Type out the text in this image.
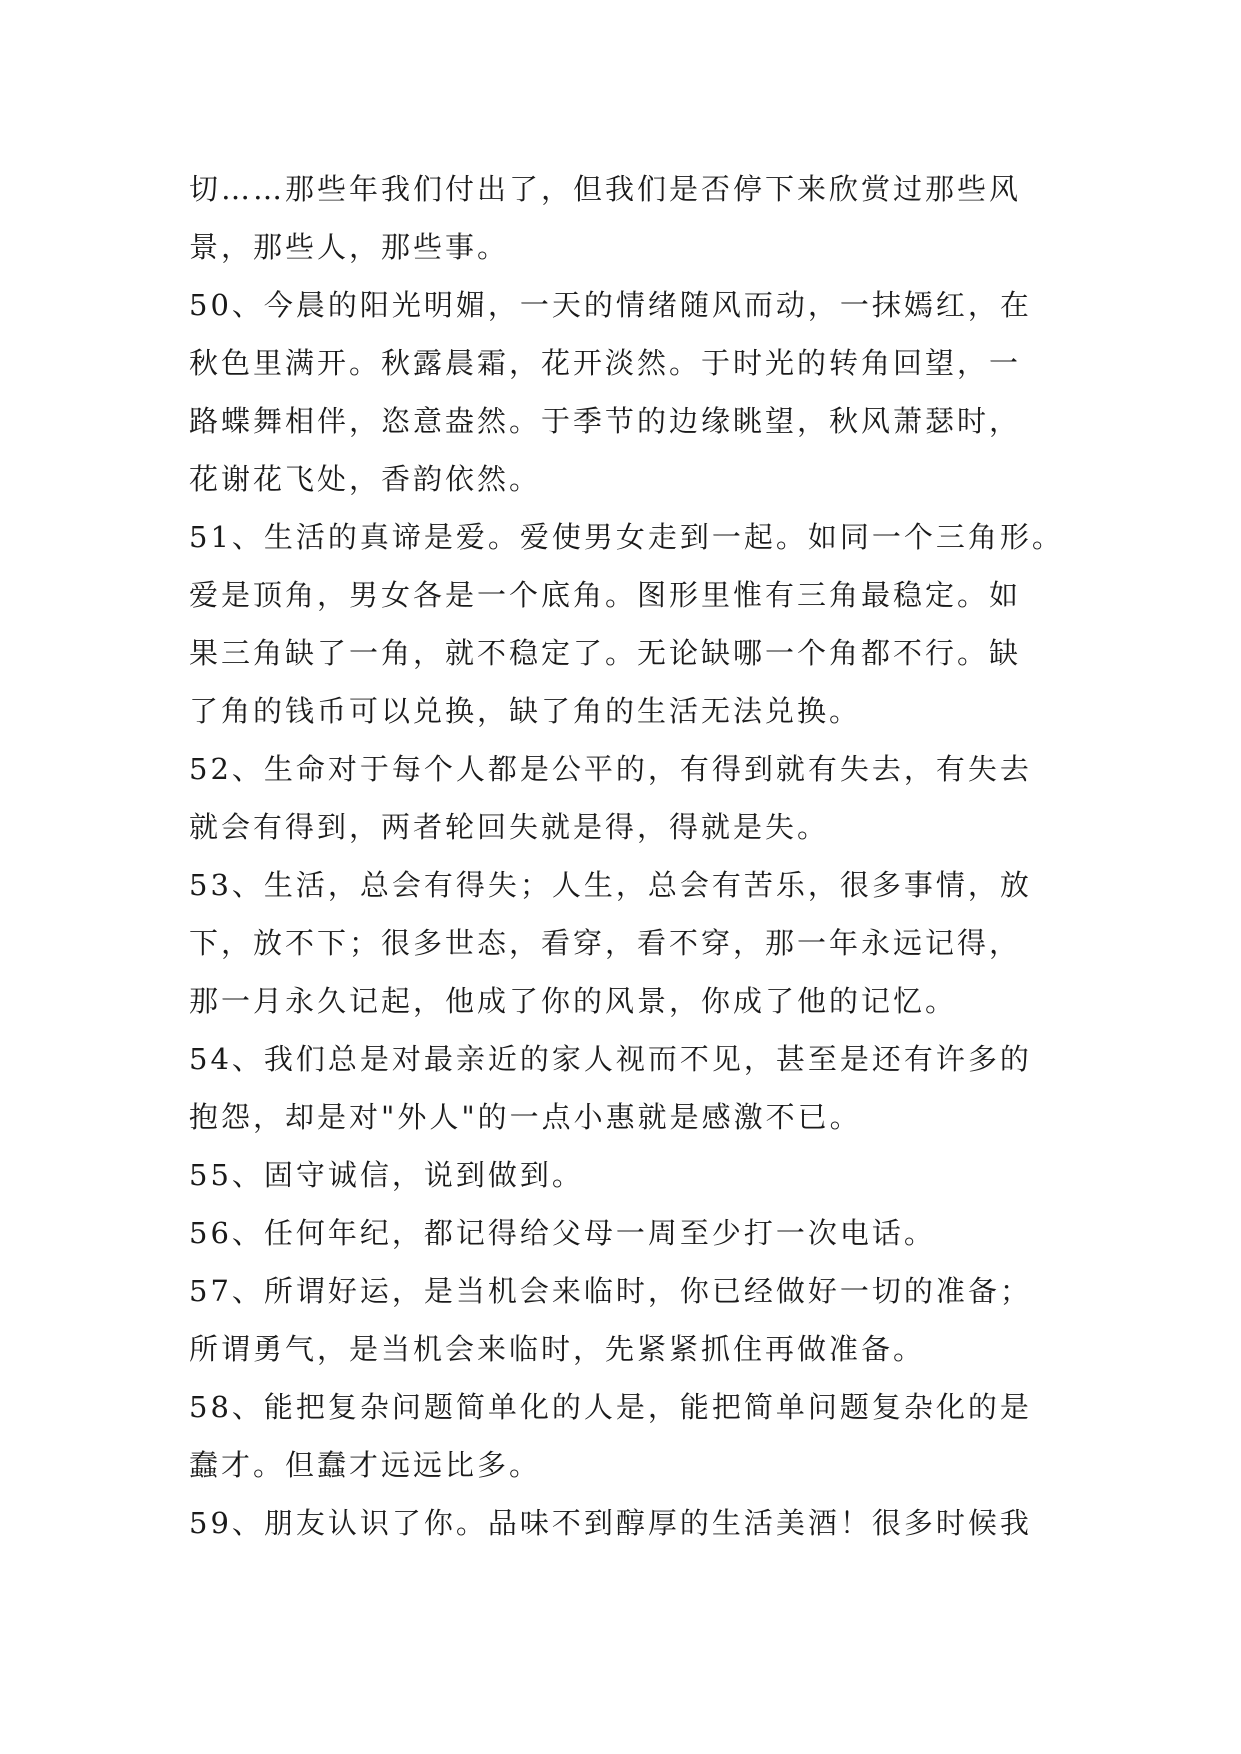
切……那些年我们付出了，但我们是否停下来欣赏过那些风
景，那些人，那些事。
50、今晨的阳光明媚，一天的情绪随风而动，一抹嫣红，在
秋色里满开。秋露晨霜，花开淡然。于时光的转角回望，一
路蝶舞相伴，恣意盎然。于季节的边缘眺望，秋风萧瑟时，
花谢花飞处，香韵依然。
51、生活的真谛是爱。爱使男女走到一起。如同一个三角形。
爱是顶角，男女各是一个底角。图形里惟有三角最稳定。如
果三角缺了一角，就不稳定了。无论缺哪一个角都不行。缺
了角的钱币可以兑换，缺了角的生活无法兑换。
52、生命对于每个人都是公平的，有得到就有失去，有失去
就会有得到，两者轮回失就是得，得就是失。
53、生活，总会有得失；人生，总会有苦乐，很多事情，放
下，放不下；很多世态，看穿，看不穿，那一年永远记得，
那一月永久记起，他成了你的风景，你成了他的记忆。
54、我们总是对最亲近的家人视而不见，甚至是还有许多的
抱怨，却是对"外人"的一点小惠就是感激不已。
55、固守诚信，说到做到。
56、任何年纪，都记得给父母一周至少打一次电话。
57、所谓好运，是当机会来临时，你已经做好一切的准备；
所谓勇气，是当机会来临时，先紧紧抓住再做准备。
58、能把复杂问题简单化的人是，能把简单问题复杂化的是
蠢才。但蠢才远远比多。
59、朋友认识了你。品味不到醇厚的生活美酒！很多时候我
